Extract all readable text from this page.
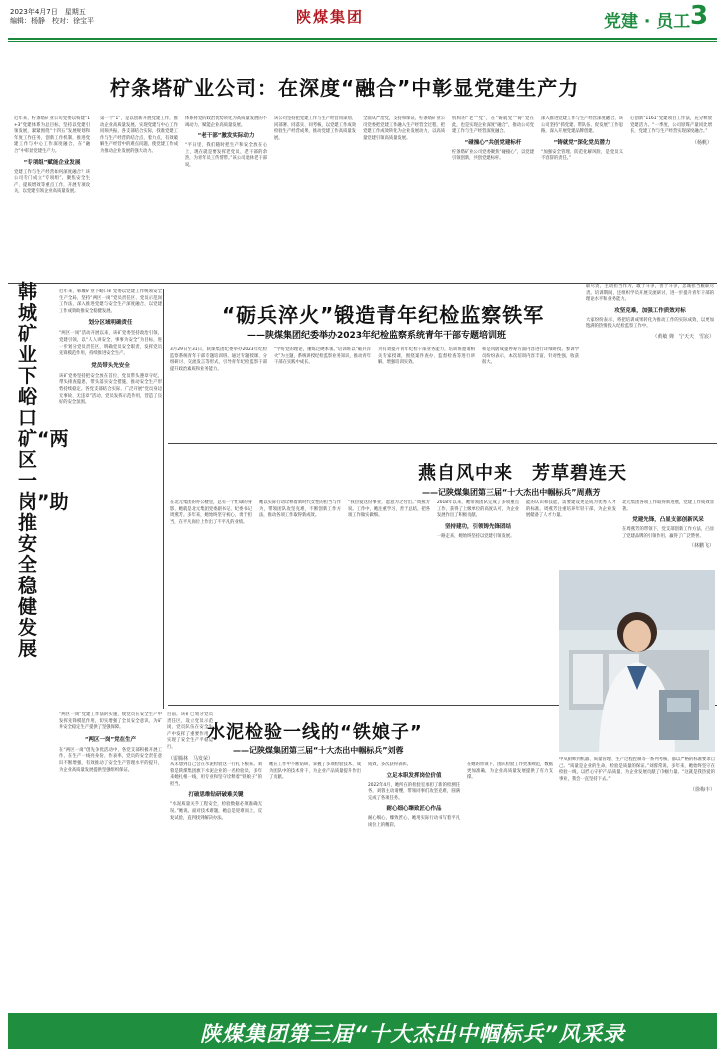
2023年4月7日　星期五
编辑：杨静　校对：徐宝平	陕煤集团	党建 · 员工 3
柠条塔矿业公司：在深度“融合”中彰显党建生产力
近年来，柠条塔矿业公司党委以构建“1+3”党建体系为总目标，坚持以党建引领发展，紧紧围绕“十四五”发展规划和年度工作任务，创新工作机制，推进党建工作与中心工作深度融合，在“融合”中彰显党建生产力。
“专项组”赋能企业发展
党建工作与生产经营如何深度融合？该公司专门成立“专项组”，聚焦安全生产、提质增效等重点工作，开展专项攻关，以党建引领企业高质量发展。
第一个“1”，是以创新开展党建工作，推动企业高质量发展。实现党建与中心工作同频共振，各支部结合实际，找准党建工作与生产经营的结合点、着力点，有效破解生产经营中的难点问题，使党建工作成为推动企业发展的强大动力。
体系将党的政治优势转化为高质量发展的不竭动力，赋能企业高质量发展。
“老干部”激发实际动力
“平日里，我们随时把生产和安全放在心上，现在就是要发挥老党员、老干部的余热，为青年员工传帮带。”该公司退休老干部说。
该公司坚持把党建工作与生产经营同谋划、同部署、同落实、同考核，以党建工作成效检验生产经营成果，推动党建工作高质量发展。
全面从严治党，支持和保证，柠条塔矿业公司党委把党建工作融入生产经营全过程，把党建工作成效转化为企业发展动力，以高质量党建引领高质量发展。
机构的“老”“党”，在“铸就党”“铸”党在此，也是实现企业深度“融合”，推动公司党建工作与生产经营深度融合。
“碰撞心”共创党建标杆
柠条塔矿业公司党委聚焦“碰撞心”，以党建引领创新，共创党建标杆。
深入推进党建工作与生产经营深度融合，该公司坚持“抓党建、带队伍、促发展”工作思路，深入开展党建品牌创建。
“铸就党”深化党员潜力
“加强安全管理，防范化解风险，是党员义不容辞的责任。”
心创新“1161”党建项目工作法，充分释放党建活力。“一季度，公司原煤产量同比增长，党建工作与生产经营实现深度融合。”
（杨帆）
韩城矿业下峪口矿“两区一岗”助推安全稳健发展
近年来，韩城矿业下峪口矿党委以党建工作统领安全生产全局，坚持“两区一岗”党员责任区、党员示范岗工作法，深入推进党建与安全生产深度融合，以党建工作成效助推安全稳健发展。
划分区域明确责任
“两区一岗”活动开展以来，该矿党委坚持政治引领，党建引领，以“人人讲安全、事事为安全”为目标，进一步划分党员责任区，明确党员安全职责，发挥党员先锋模范作用，持续推进安全生产。
党员带头先安全
该矿党委坚持把安全放在首位，党员带头遵章守纪，带头排查隐患，带头落实安全措施，推动安全生产形势持续稳定。各党支部结合实际，广泛开展“党员身边无事故、无违章”活动，党员发挥示范作用，营造了良好的安全氛围。
“两区一岗”党建工作法的实施，使党员在安全生产中发挥先锋模范作用，切实增强了全员安全意识，为矿井安全稳定生产提供了坚强保障。
“两区一岗”党在生产
在“两区一岗”创先争优活动中，各党支部积极开展工作，在生产一线亮身份、作表率，党员的安全责任意识不断增强，有效推动了安全生产管理水平的提升，为企业高质量发展提供坚强组织保证。
目前，该矿已划分党员责任区，设立党员示范岗，党员队伍在安全生产中发挥了重要作用，实现了安全生产平稳运行。
（雷腾林　马发荣）
“砺兵淬火”锻造青年纪检监察铁军
——陕煤集团纪委举办2023年纪检监察系统青年干部专题培训班
3月29日至31日，陕煤集团纪委举办2023年纪检监察系统青年干部专题培训班，通过专题授课、分组研讨、交流发言等形式，引导青年纪检监察干部提升政治素质和业务能力。
“学好党的理论，锤炼过硬本领。”培训班以“砺兵淬火”为主题，系统讲授纪检监察业务知识，推动青年干部在实践中成长。
为有效提升青年纪检干部业务能力，培训班邀请相关专家授课，围绕案件查办、监督检查等进行讲解，增强培训实效。
和是风蔚成提停筹方面内容进行详细讲授。参训学员纷纷表示，本次培训内容丰富、针对性强，收获很大。
职尽责，主动担当作为，敢于斗争，善于斗争，忠诚担当履职尽责。培训期间，还组织学员开展交流研讨，进一步提升青年干部的理论水平和业务能力。
攻坚克难，加强工作质效对标
大家纷纷表示，将把培训成果转化为推动工作的实际成效，以更加饱满的热情投入纪检监察工作中。
（黄敏 婵　宁天天　雪宸）
燕自风中来　芳草碧连天
——记陕煤集团第三届“十大杰出中帼标兵”周燕芳
在北元集团的办公楼里，总有一个忙碌的身影，她就是北元集团党委副书记、纪委书记周燕芳。多年来，她始终坚守初心，勇于担当，在平凡岗位上作出了不平凡的业绩。
她以实际行动诠释着新时代女性的担当与作为，带领团队攻坚克难，不断创新工作方法，推动各项工作取得新成效。
“我热爱这份事业，愿意为之付出。”周燕芳说。工作中，她注重学习，善于总结，把各项工作做实做细。
2018年以来，她带领团队完成了多项重点工作，获得了上级单位的高度认可，为企业发展作出了积极贡献。
坚持建功，引领铸先锋团结
一路走来，她始终坚持以党建引领发展。
能的认识和技能，需要建设更是成为优秀人才的标准。周燕芳注重培养年轻干部，为企业发展储备了人才力量。
北元集团各项工作取得新进展，党建工作成效显著。
党建先锋，凸显支部创新风采
在周燕芳的带领下，党支部创新工作方法，凸显了党建品牌的引领作用，赢得了广泛赞誉。
（林鹏飞）
水泥检验一线的“铁娘子”
——记陕煤集团第三届“十大杰出中帼标兵”刘蓉
从未想到自己会在水泥检验这一行扎下根来。刘蓉是陕煤集团旗下水泥企业的一名检验员，多年来她扎根一线，用专业和坚守诠释着“铁娘子”的担当。
打破思维钻研破难关键
“水泥质量关乎工程安全，检验数据必须准确无误。”她说。面对技术难题，她总是迎难而上，反复试验，直到找到解决办法。
她在工作中不断钻研，掌握了多项检验技术，成为团队中的技术骨干，为企业产品质量提升作出了贡献。
成效，多次获得表彰。
立足本职发挥岗位价值
2022年4月，她所在的检验室承担了新的检测任务，刘蓉主动请缨，带领同事们攻坚克难，圆满完成了各项任务。
耐心细心臻致匠心作品
耐心细心，臻致匠心，她用实际行动书写着平凡岗位上的精彩。
在她的带领下，团队检验工作更加规范，数据更加准确，为企业高质量发展提供了有力支撑。
中从厨师到机器、质量管理、生产过程控制等一系列考核，都以严格的标准要求自己。“质量是企业的生命，检验是质量的保证。”刘蓉常说。多年来，她始终坚守在检验一线，以匠心守护产品质量，为企业发展贡献了巾帼力量。“这就是我热爱的事业，我会一直坚持下去。”
（徐梅丰）
陕煤集团第三届“十大杰出中帼标兵”风采录
